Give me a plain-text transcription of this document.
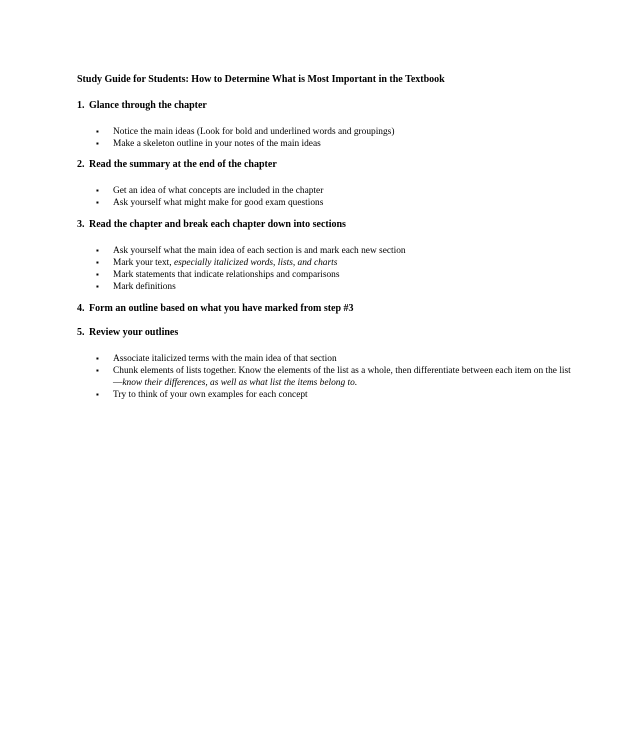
Study Guide for Students: How to Determine What is Most Important in the Textbook
1. Glance through the chapter
▪ Notice the main ideas (Look for bold and underlined words and groupings)
▪ Make a skeleton outline in your notes of the main ideas
2. Read the summary at the end of the chapter
▪ Get an idea of what concepts are included in the chapter
▪ Ask yourself what might make for good exam questions
3. Read the chapter and break each chapter down into sections
▪ Ask yourself what the main idea of each section is and mark each new section
▪ Mark your text, especially italicized words, lists, and charts
▪ Mark statements that indicate relationships and comparisons
▪ Mark definitions
4. Form an outline based on what you have marked from step #3
5. Review your outlines
▪ Associate italicized terms with the main idea of that section
▪ Chunk elements of lists together. Know the elements of the list as a whole, then differentiate between each item on the list—know their differences, as well as what list the items belong to.
▪ Try to think of your own examples for each concept
